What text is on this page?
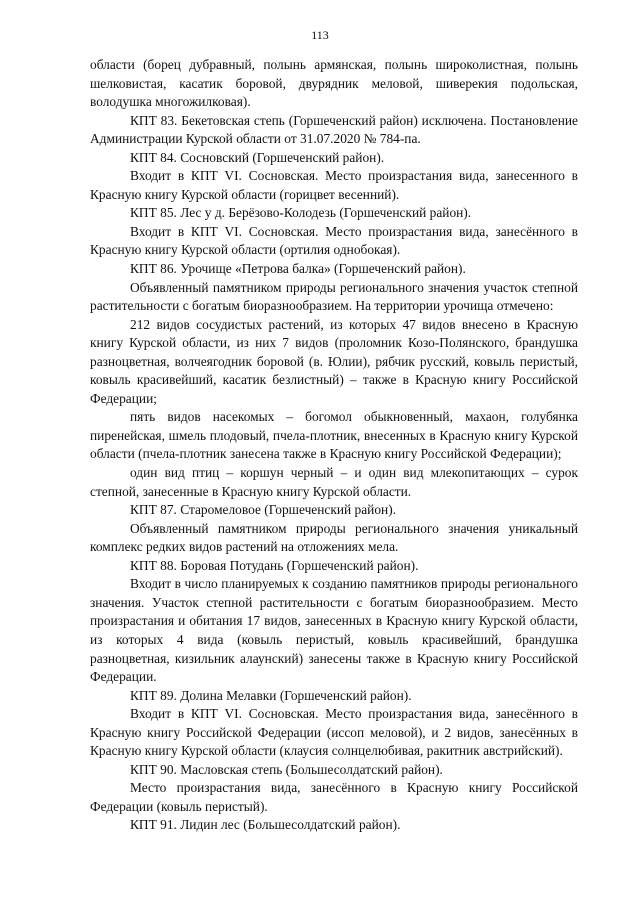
113

области (борец дубравный, полынь армянская, полынь широколистная, полынь шелковистая, касатик боровой, двурядник меловой, шиверекия подольская, володушка многожилковая).

КПТ 83. Бекетовская степь (Горшеченский район) исключена. Постановление Администрации Курской области от 31.07.2020 № 784-па.

КПТ 84. Сосновский (Горшеченский район).

Входит в КПТ VI. Сосновская. Место произрастания вида, занесенного в Красную книгу Курской области (горицвет весенний).

КПТ 85. Лес у д. Берёзово-Колодезь (Горшеченский район).

Входит в КПТ VI. Сосновская. Место произрастания вида, занесённого в Красную книгу Курской области (ортилия однобокая).

КПТ 86. Урочище «Петрова балка» (Горшеченский район).

Объявленный памятником природы регионального значения участок степной растительности с богатым биоразнообразием. На территории урочища отмечено:

212 видов сосудистых растений, из которых 47 видов внесено в Красную книгу Курской области, из них 7 видов (проломник Козо-Полянского, брандушка разноцветная, волчеягодник боровой (в. Юлии), рябчик русский, ковыль перистый, ковыль красивейший, касатик безлистный) – также в Красную книгу Российской Федерации;

пять видов насекомых – богомол обыкновенный, махаон, голубянка пиренейская, шмель плодовый, пчела-плотник, внесенных в Красную книгу Курской области (пчела-плотник занесена также в Красную книгу Российской Федерации);

один вид птиц – коршун черный – и один вид млекопитающих – сурок степной, занесенные в Красную книгу Курской области.

КПТ 87. Старомеловое (Горшеченский район).

Объявленный памятником природы регионального значения уникальный комплекс редких видов растений на отложениях мела.

КПТ 88. Боровая Потудань (Горшеченский район).

Входит в число планируемых к созданию памятников природы регионального значения. Участок степной растительности с богатым биоразнообразием. Место произрастания и обитания 17 видов, занесенных в Красную книгу Курской области, из которых 4 вида (ковыль перистый, ковыль красивейший, брандушка разноцветная, кизильник алаунский) занесены также в Красную книгу Российской Федерации.

КПТ 89. Долина Мелавки (Горшеченский район).

Входит в КПТ VI. Сосновская. Место произрастания вида, занесённого в Красную книгу Российской Федерации (иссоп меловой), и 2 видов, занесённых в Красную книгу Курской области (клаусия солнцелюбивая, ракитник австрийский).

КПТ 90. Масловская степь (Большесолдатский район).

Место произрастания вида, занесённого в Красную книгу Российской Федерации (ковыль перистый).

КПТ 91. Лидин лес (Большесолдатский район).
